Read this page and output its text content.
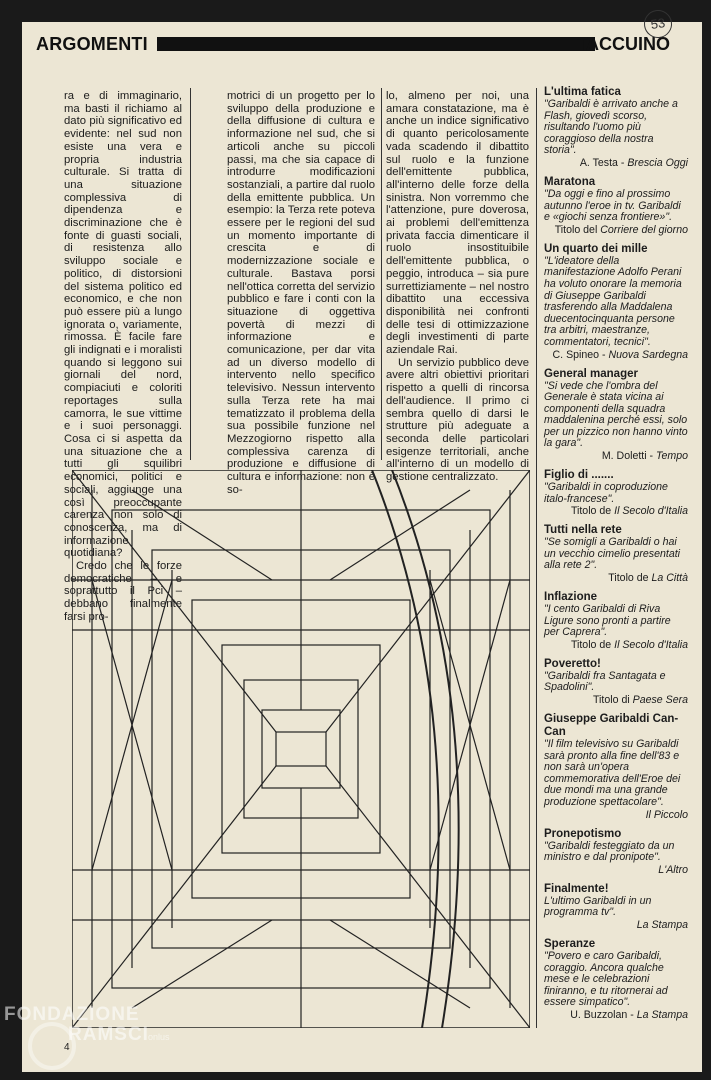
ARGOMENTI	TACCUINO
53

ra e di immaginario, ma basti il richiamo al dato più significativo ed evidente: nel sud non esiste una vera e propria industria culturale. Si tratta di una situazione complessiva di dipendenza e discriminazione che è fonte di guasti sociali, di resistenza allo sviluppo sociale e politico, di distorsioni del sistema politico ed economico, e che non può essere più a lungo ignorata o, variamente, rimossa. È facile fare gli indignati e i moralisti quando si leggono sui giornali del nord, compiaciuti e coloriti reportages sulla camorra, le sue vittime e i suoi personaggi. Cosa ci si aspetta da una situazione che a tutti gli squilibri economici, politici e sociali, aggiunge una così preoccupante carenza non solo di conoscenza, ma di informazione quotidiana?

Credo che le forze democratiche – e soprattutto il Pci – debbano finalmente farsi pro-

motrici di un progetto per lo sviluppo della produzione e della diffusione di cultura e informazione nel sud, che si articoli anche su piccoli passi, ma che sia capace di introdurre modificazioni sostanziali, a partire dal ruolo della emittente pubblica. Un esempio: la Terza rete poteva essere per le regioni del sud un momento importante di crescita e di modernizzazione sociale e culturale. Bastava porsi nell'ottica corretta del servizio pubblico e fare i conti con la situazione di oggettiva povertà di mezzi di informazione e comunicazione, per dar vita ad un diverso modello di intervento nello specifico televisivo. Nessun intervento sulla Terza rete ha mai tematizzato il problema della sua possibile funzione nel Mezzogiorno rispetto alla complessiva carenza di produzione e diffusione di cultura e informazione: non è so-

lo, almeno per noi, una amara constatazione, ma è anche un indice significativo di quanto pericolosamente vada scadendo il dibattito sul ruolo e la funzione dell'emittente pubblica, all'interno delle forze della sinistra. Non vorremmo che l'attenzione, pure doverosa, ai problemi dell'emittenza privata faccia dimenticare il ruolo insostituibile dell'emittente pubblica, o peggio, introduca – sia pure surrettiziamente – nel nostro dibattito una eccessiva disponibilità nei confronti delle tesi di ottimizzazione degli investimenti di parte aziendale Rai.

Un servizio pubblico deve avere altri obiettivi prioritari rispetto a quelli di rincorsa dell'audience. Il primo ci sembra quello di darsi le strutture più adeguate a seconda delle particolari esigenze territoriali, anche all'interno di un modello di gestione centralizzato.

L'ultima fatica
"Garibaldi è arrivato anche a Flash, giovedì scorso, risultando l'uomo più coraggioso della nostra storia".
A. Testa - Brescia Oggi
Maratona
"Da oggi e fino al prossimo autunno l'eroe in tv. Garibaldi e «giochi senza frontiere»".
Titolo del Corriere del giorno
Un quarto dei mille
"L'ideatore della manifestazione Adolfo Perani ha voluto onorare la memoria di Giuseppe Garibaldi trasferendo alla Maddalena duecentocinquanta persone tra arbitri, maestranze, commentatori, tecnici".
C. Spineo - Nuova Sardegna
General manager
"Si vede che l'ombra del Generale è stata vicina ai componenti della squadra maddalenina perché essi, solo per un pizzico non hanno vinto la gara".
M. Doletti - Tempo
Figlio di .......
"Garibaldi in coproduzione italo-francese".
Titolo de Il Secolo d'Italia
Tutti nella rete
"Se somigli a Garibaldi o hai un vecchio cimelio presentati alla rete 2".
Titolo de La Città
Inflazione
"I cento Garibaldi di Riva Ligure sono pronti a partire per Caprera".
Titolo de Il Secolo d'Italia
Poveretto!
"Garibaldi fra Santagata e Spadolini".
Titolo di Paese Sera
Giuseppe Garibaldi Can-Can
"Il film televisivo su Garibaldi sarà pronto alla fine dell'83 e non sarà un'opera commemorativa dell'Eroe dei due mondi ma una grande produzione spettacolare".
Il Piccolo
Pronepotismo
"Garibaldi festeggiato da un ministro e dal pronipote".
L'Altro
Finalmente!
L'ultimo Garibaldi in un programma tv".
La Stampa
Speranze
"Povero e caro Garibaldi, coraggio. Ancora qualche mese e le celebrazioni finiranno, e tu ritornerai ad essere simpatico".
U. Buzzolan - La Stampa
4
FONDAZIONE
RAMSCI onlus
